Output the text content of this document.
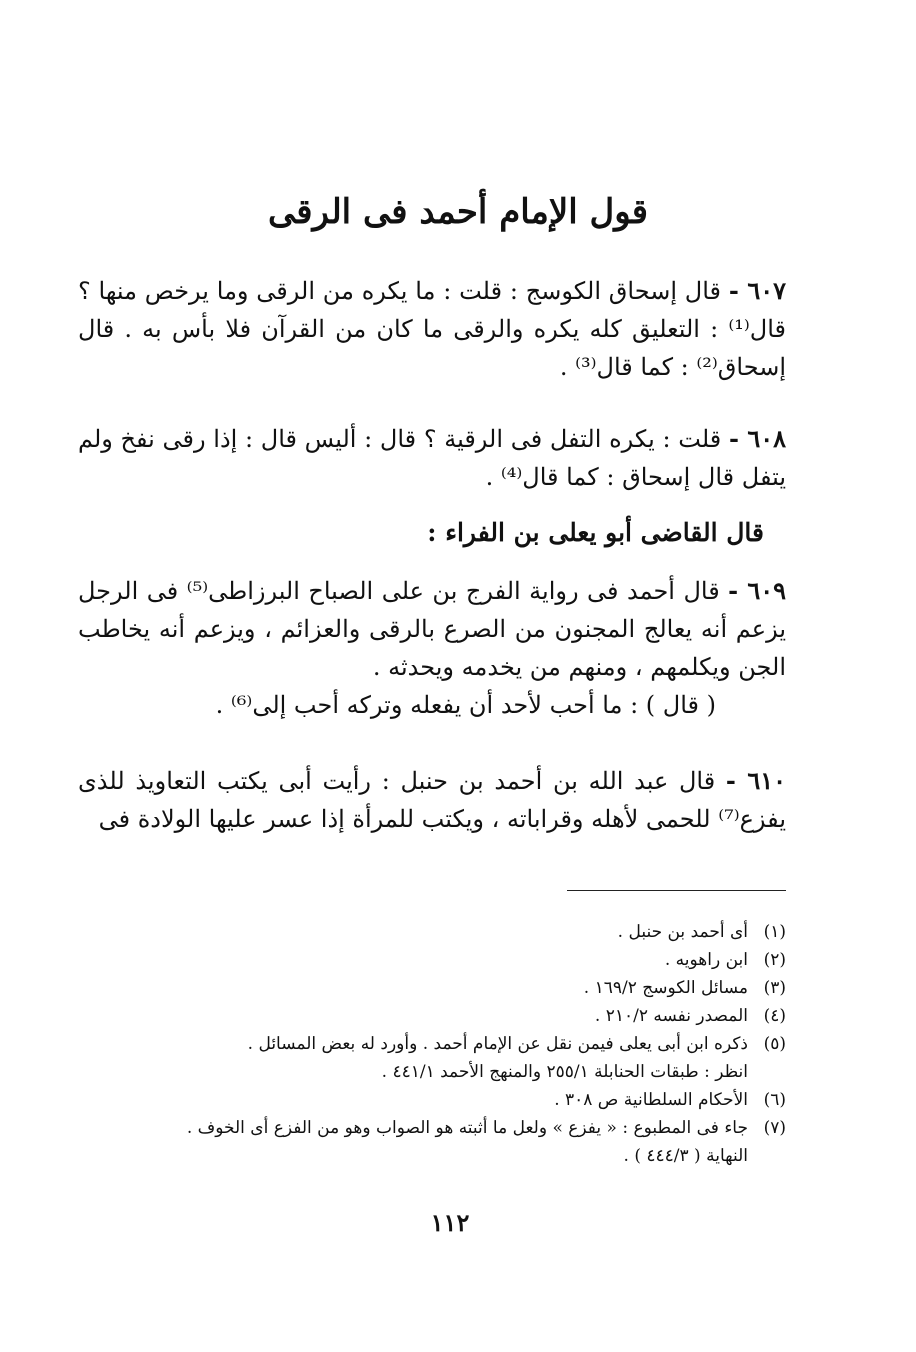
قول الإمام أحمد فى الرقى
٦٠٧ - قال إسحاق الكوسج : قلت : ما يكره من الرقى وما يرخص منها ؟ قال⁽¹⁾ : التعليق كله يكره والرقى ما كان من القرآن فلا بأس به . قال إسحاق⁽²⁾ : كما قال⁽³⁾ .
٦٠٨ - قلت : يكره التفل فى الرقية ؟ قال : أليس قال : إذا رقى نفخ ولم يتفل قال إسحاق : كما قال⁽⁴⁾ .
قال القاضى أبو يعلى بن الفراء :
٦٠٩ - قال أحمد فى رواية الفرج بن على الصباح البرزاطى⁽⁵⁾ فى الرجل يزعم أنه يعالج المجنون من الصرع بالرقى والعزائم ، ويزعم أنه يخاطب الجن ويكلمهم ، ومنهم من يخدمه ويحدثه .
( قال ) : ما أحب لأحد أن يفعله وتركه أحب إلى⁽⁶⁾ .
٦١٠ - قال عبد الله بن أحمد بن حنبل : رأيت أبى يكتب التعاويذ للذى يفزع⁽⁷⁾ للحمى لأهله وقراباته ، ويكتب للمرأة إذا عسر عليها الولادة فى
(١)
أى أحمد بن حنبل .
(٢)
ابن راهويه .
(٣)
مسائل الكوسج ١٦٩/٢ .
(٤)
المصدر نفسه ٢١٠/٢ .
(٥)
ذكره ابن أبى يعلى فيمن نقل عن الإمام أحمد . وأورد له بعض المسائل .
انظر : طبقات الحنابلة ٢٥٥/١ والمنهج الأحمد ٤٤١/١ .
(٦)
الأحكام السلطانية ص ٣٠٨ .
(٧)
جاء فى المطبوع : « يفزع » ولعل ما أثبته هو الصواب وهو من الفزع أى الخوف .
النهاية ( ٤٤٤/٣ ) .
١١٢
